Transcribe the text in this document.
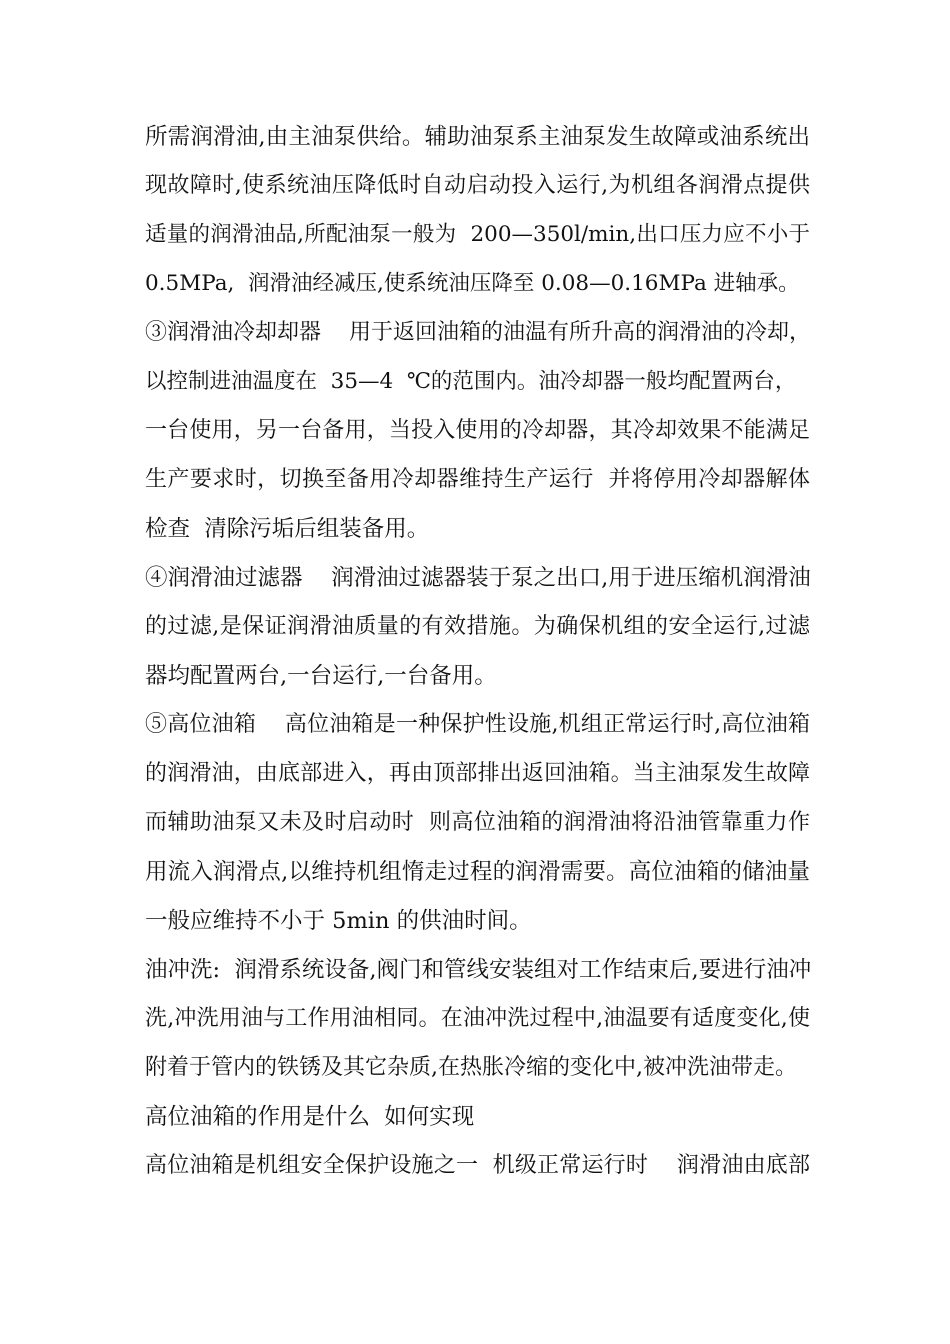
所需润滑油,由主油泵供给。辅助油泵系主油泵发生故障或油系统出
现故障时,使系统油压降低时自动启动投入运行,为机组各润滑点提供
适量的润滑油品,所配油泵一般为  200—350l/min,出口压力应不小于
0.5MPa,  润滑油经减压,使系统油压降至 0.08—0.16MPa 进轴承。
③润滑油冷却却器    用于返回油箱的油温有所升高的润滑油的冷却，
以控制进油温度在  35—4  ℃的范围内。油冷却器一般均配置两台，
一台使用，另一台备用，当投入使用的冷却器，其冷却效果不能满足
生产要求时，切换至备用冷却器维持生产运行  并将停用冷却器解体
检查  清除污垢后组装备用。
④润滑油过滤器    润滑油过滤器装于泵之出口,用于进压缩机润滑油
的过滤,是保证润滑油质量的有效措施。为确保机组的安全运行,过滤
器均配置两台,一台运行,一台备用。
⑤高位油箱    高位油箱是一种保护性设施,机组正常运行时,高位油箱
的润滑油，由底部进入，再由顶部排出返回油箱。当主油泵发生故障
而辅助油泵又未及时启动时  则高位油箱的润滑油将沿油管靠重力作
用流入润滑点,以维持机组惰走过程的润滑需要。高位油箱的储油量
一般应维持不小于 5min 的供油时间。
油冲洗:  润滑系统设备,阀门和管线安装组对工作结束后,要进行油冲
洗,冲洗用油与工作用油相同。在油冲洗过程中,油温要有适度变化,使
附着于管内的铁锈及其它杂质,在热胀冷缩的变化中,被冲洗油带走。
高位油箱的作用是什么  如何实现
高位油箱是机组安全保护设施之一  机级正常运行时    润滑油由底部
